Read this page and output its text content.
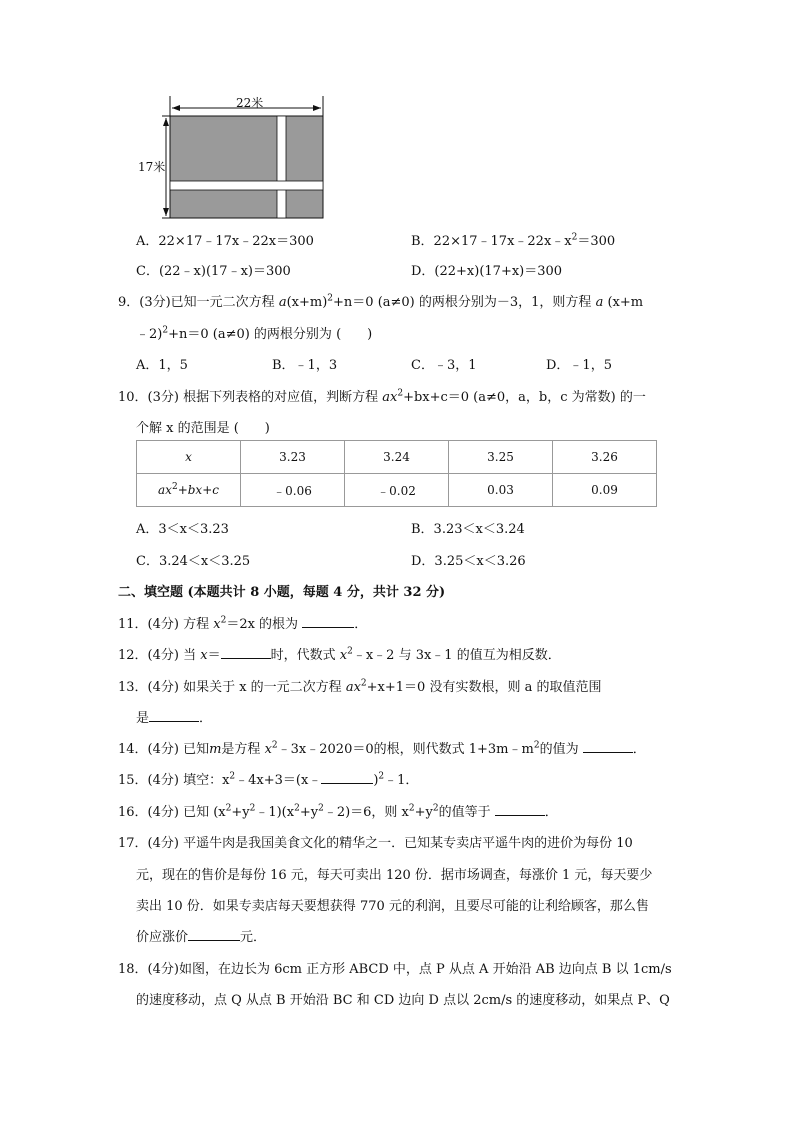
22米
17米
A．22×17﹣17x﹣22x＝300	B．$22\times 17﹣17x﹣22x﹣x^2=300$
C．(22﹣x)(17﹣x)＝300	D．(22+x)(17+x)＝300
9．(3分)已知一元二次方程 $a(x+m)^2+n=0$ (a≠0) 的两根分别为－3，1，则方程 a (x+m
﹣2)$^2$+n＝0 (a≠0) 的两根分别为 (　　)
A．1，5	B．﹣1，3	C．﹣3，1	D．﹣1，5
10．(3分) 根据下列表格的对应值，判断方程 $ax^2+bx+c=0$ (a≠0，a，b，c 为常数) 的一
个解 x 的范围是 (　　)
x	3.23	3.24	3.25	3.26
$ax^2+bx+c$	﹣0.06	﹣0.02	0.03	0.09
A．3＜x＜3.23	B．3.23＜x＜3.24
C．3.24＜x＜3.25	D．3.25＜x＜3.26
二、填空题 (本题共计 8 小题，每题 4 分，共计 32 分)
11．(4分) 方程 $x^2=2x$ 的根为	．
12．(4分) 当 x＝	时，代数式 $x^2﹣x﹣2$ 与 3x﹣1 的值互为相反数．
13．(4分) 如果关于 x 的一元二次方程 $ax^2+x+1=0$ 没有实数根，则 a 的取值范围
是	．
14．(4分) 已知m是方程 $x^2﹣3x﹣2020=0$的根，则代数式 $1+3m﹣m^2$的值为	．
15．(4分) 填空：$x^2﹣4x+3=(x﹣$	)$^2$﹣1．
16．(4分) 已知 $(x^2+y^2﹣1)(x^2+y^2﹣2)=6$，则 $x^2+y^2$的值等于	．
17．(4分) 平遥牛肉是我国美食文化的精华之一．已知某专卖店平遥牛肉的进价为每份 10
元，现在的售价是每份 16 元，每天可卖出 120 份．据市场调查，每涨价 1 元，每天要少
卖出 10 份．如果专卖店每天要想获得 770 元的利润，且要尽可能的让利给顾客，那么售
价应涨价	元．
18．(4分)如图，在边长为 6cm 正方形 ABCD 中，点 P 从点 A 开始沿 AB 边向点 B 以 1cm/s
的速度移动，点 Q 从点 B 开始沿 BC 和 CD 边向 D 点以 2cm/s 的速度移动，如果点 P、Q
